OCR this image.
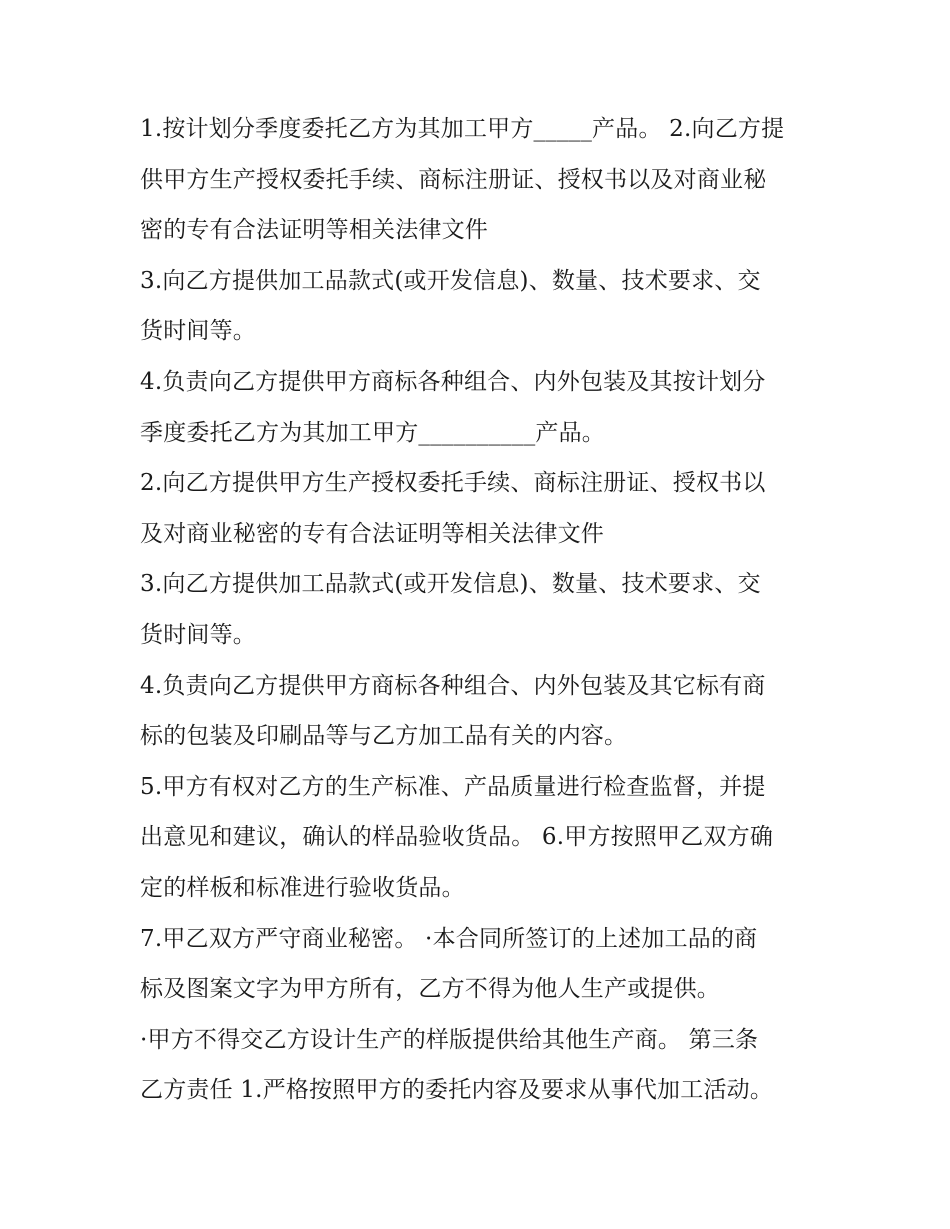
1.按计划分季度委托乙方为其加工甲方_____产品。 2.向乙方提
供甲方生产授权委托手续、商标注册证、授权书以及对商业秘
密的专有合法证明等相关法律文件
3.向乙方提供加工品款式(或开发信息)、数量、技术要求、交
货时间等。
4.负责向乙方提供甲方商标各种组合、内外包装及其按计划分
季度委托乙方为其加工甲方__________产品。
2.向乙方提供甲方生产授权委托手续、商标注册证、授权书以
及对商业秘密的专有合法证明等相关法律文件
3.向乙方提供加工品款式(或开发信息)、数量、技术要求、交
货时间等。
4.负责向乙方提供甲方商标各种组合、内外包装及其它标有商
标的包装及印刷品等与乙方加工品有关的内容。
5.甲方有权对乙方的生产标准、产品质量进行检查监督，并提
出意见和建议，确认的样品验收货品。 6.甲方按照甲乙双方确
定的样板和标准进行验收货品。
7.甲乙双方严守商业秘密。 ·本合同所签订的上述加工品的商
标及图案文字为甲方所有，乙方不得为他人生产或提供。
·甲方不得交乙方设计生产的样版提供给其他生产商。 第三条
乙方责任 1.严格按照甲方的委托内容及要求从事代加工活动。
